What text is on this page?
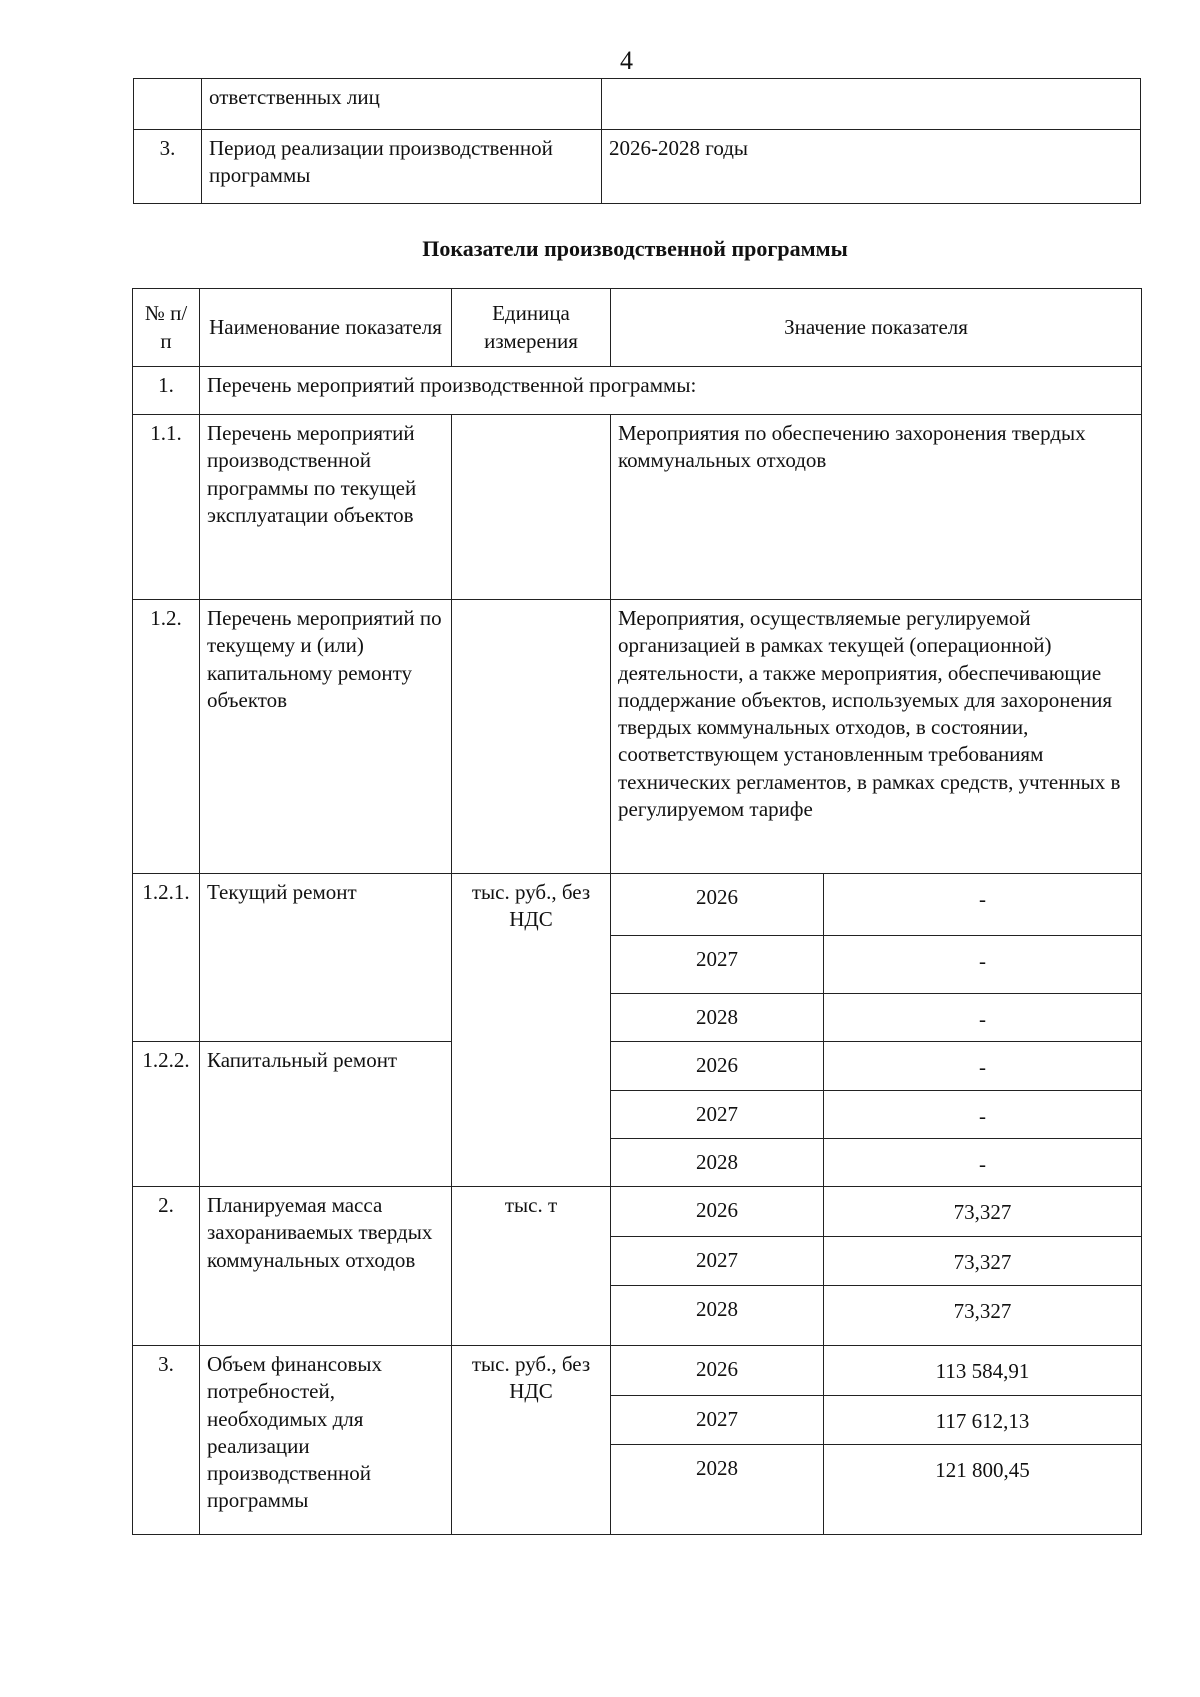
4
	ответственных лиц	
3.	Период реализации производственной программы	2026-2028 годы
Показатели производственной программы
№ п/п	Наименование показателя	Единица измерения	Значение показателя	
1.	Перечень мероприятий производственной программы:			
1.1.	Перечень мероприятий производственной программы по текущей эксплуатации объектов		Мероприятия по обеспечению захоронения твердых коммунальных отходов	
1.2.	Перечень мероприятий по текущему и (или) капитальному ремонту объектов		Мероприятия, осуществляемые регулируемой организацией в рамках текущей (операционной) деятельности, а также мероприятия, обеспечивающие поддержание объектов, используемых для захоронения твердых коммунальных отходов, в состоянии, соответствующем установленным требованиям технических регламентов, в рамках средств, учтенных в регулируемом тарифе	
1.2.1.	Текущий ремонт	тыс. руб., без НДС	2026	-
			2027	-
			2028	-
1.2.2.	Капитальный ремонт		2026	-
			2027	-
			2028	-
2.	Планируемая масса захораниваемых твердых коммунальных отходов	тыс. т	2026	73,327
			2027	73,327
			2028	73,327
3.	Объем финансовых потребностей, необходимых для реализации производственной программы	тыс. руб., без НДС	2026	113 584,91
			2027	117 612,13
			2028	121 800,45
